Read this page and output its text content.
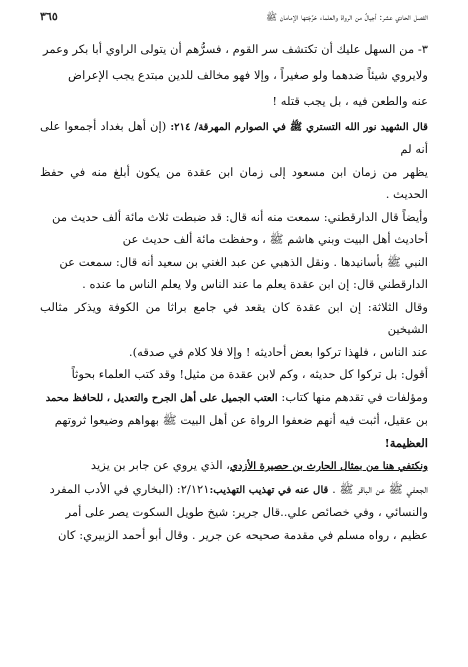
الفصل الحادي عشر: أجيالٌ من الرواة والعلماء خرَّجَتها الإمامان ﷺ
٣٦٥

٣- من السهل عليك أن تكتشف سر القوم ، فسرُّهم أن يتولى الراوي أبا بكر وعمر
ولايروي شيئاً ضدهما ولو صغيراً ، وإلا فهو مخالف للدين مبتدع يجب الإعراض
عنه والطعن فيه ، بل يجب قتله !

قال الشهيد نور الله التستري ﷺ في الصوارم المهرقة/ ٢١٤: (إن أهل بغداد أجمعوا على أنه لم
يظهر من زمان ابن مسعود إلى زمان ابن عقدة من يكون أبلغ منه في حفظ الحديث .
وأيضاً قال الدارقطني: سمعت منه أنه قال: قد ضبطت ثلاث مائة ألف حديث من
أحاديث أهل البيت وبني هاشم ﷺ ، وحفظت مائة ألف حديث عن
النبي ﷺ بأسانيدها . ونقل الذهبي عن عبد الغني بن سعيد أنه قال: سمعت عن
الدارقطني قال: إن ابن عقدة يعلم ما عند الناس ولا يعلم الناس ما عنده .
وقال الثلاثة: إن ابن عقدة كان يقعد في جامع براثا من الكوفة ويذكر مثالب الشيخين
عند الناس ، فلهذا تركوا بعض أحاديثه ! وإلا فلا كلام في صدقه).

أقول: بل تركوا كل حديثه ، وكم لابن عقدة من مثيل! وقد كتب العلماء بحوثاً
ومؤلفات في تقدهم منها كتاب: العتب الجميل على أهل الجرح والتعديل ، للحافظ محمد
بن عقيل، أثبت فيه أنهم ضعفوا الرواة عن أهل البيت ﷺ بهواهم وضيعوا ثروتهم
العظيمة!

ونكتفي هنا من بمثال الحارث بن حصيرة الأزدي، الذي يروي عن جابر بن يزيد
الجعفي ﷺ عن الباقر ﷺ . قال عنه في تهذيب التهذيب:٢/١٢١: (البخاري في الأدب المفرد
والنسائي ، وفي خصائص علي..قال جرير: شيخ طويل السكوت يصر على أمر
عظيم ، رواه مسلم في مقدمة صحيحه عن جرير . وقال أبو أحمد الزبيري: كان
